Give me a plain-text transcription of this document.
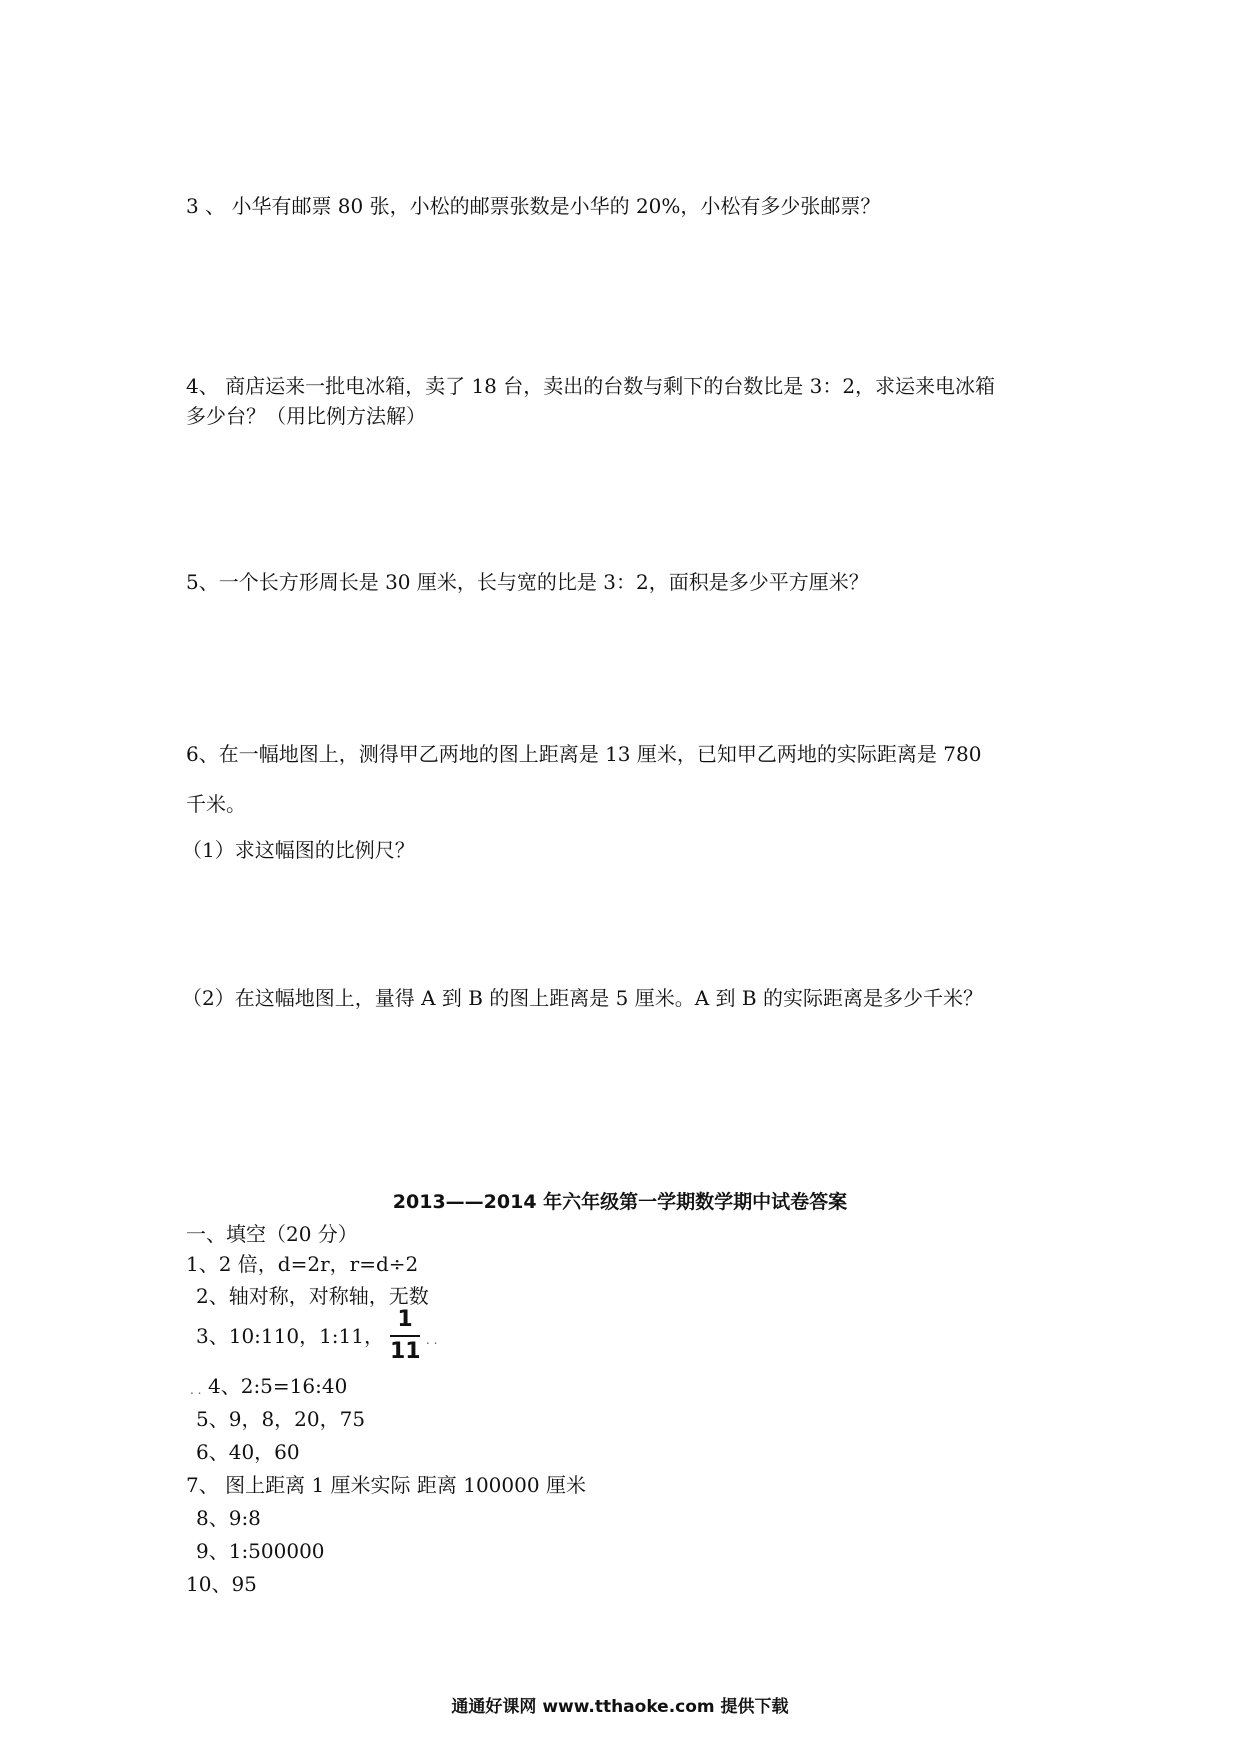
3 、 小华有邮票 80 张，小松的邮票张数是小华的 20%，小松有多少张邮票？
4、 商店运来一批电冰箱，卖了 18 台，卖出的台数与剩下的台数比是 3：2，求运来电冰箱
多少台？（用比例方法解）
5、一个长方形周长是 30 厘米，长与宽的比是 3：2，面积是多少平方厘米？
6、在一幅地图上，测得甲乙两地的图上距离是 13 厘米，已知甲乙两地的实际距离是 780
千米。
（1）求这幅图的比例尺？
（2）在这幅地图上，量得 A 到 B 的图上距离是 5 厘米。A 到 B 的实际距离是多少千米？
2013——2014 年六年级第一学期数学期中试卷答案
一、填空（20 分）
1、2 倍，d=2r，r=d÷2
2、轴对称，对称轴，无数
3、10:110，1:11，
1
11 . .
. . 4、2:5=16:40
5、9，8，20，75
6、40，60
7、 图上距离 1 厘米实际 距离 100000 厘米
8、9:8
9、1:500000
10、95
通通好课网 www.tthaoke.com 提供下载
